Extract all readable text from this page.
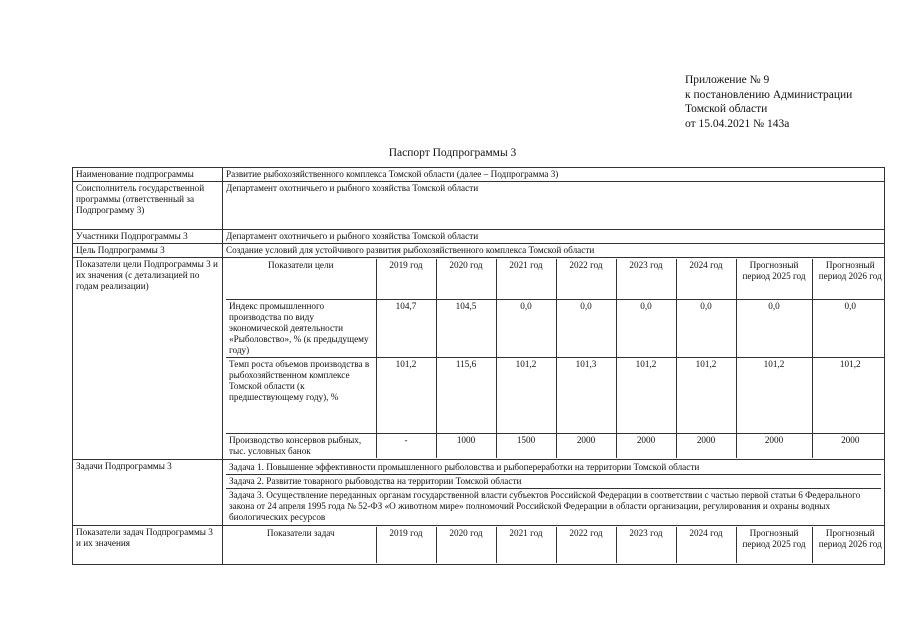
Приложение № 9
к постановлению Администрации
Томской области
от 15.04.2021 № 143а
Паспорт Подпрограммы 3
Наименование подпрограммы	Развитие рыбохозяйственного комплекса Томской области (далее – Подпрограмма 3)
Соисполнитель государственной программы (ответственный за Подпрограмму 3)	Департамент охотничьего и рыбного хозяйства Томской области
Участники Подпрограммы 3	Департамент охотничьего и рыбного хозяйства Томской области
Цель Подпрограммы 3	Создание условий для устойчивого развития рыбохозяйственного комплекса Томской области
Показатели цели Подпрограммы 3 и их значения (с детализацией по годам реализации)	
Показатели цели	2019 год	2020 год	2021 год	2022 год	2023 год	2024 год	Прогнозный период 2025 год	Прогнозный период 2026 год
Индекс промышленного производства по виду экономической деятельности «Рыболовство», % (к предыдущему году)	104,7	104,5	0,0	0,0	0,0	0,0	0,0	0,0
Темп роста объемов производства в рыбохозяйственном комплексе Томской области (к предшествующему году), %	101,2	115,6	101,2	101,3	101,2	101,2	101,2	101,2
Производство консервов рыбных, тыс. условных банок	-	1000	1500	2000	2000	2000	2000	2000

Задачи Подпрограммы 3	Задача 1. Повышение эффективности промышленного рыболовства и рыбопереработки на территории Томской области
Задача 2. Развитие товарного рыбоводства на территории Томской области
Задача 3. Осуществление переданных органам государственной власти субъектов Российской Федерации в соответствии с частью первой статьи 6 Федерального закона от 24 апреля 1995 года № 52-ФЗ «О животном мире» полномочий Российской Федерации в области организации, регулирования и охраны водных биологических ресурсов

Показатели задач Подпрограммы 3 и их значения	
Показатели задач	2019 год	2020 год	2021 год	2022 год	2023 год	2024 год	Прогнозный период 2025 год	Прогнозный период 2026 год
